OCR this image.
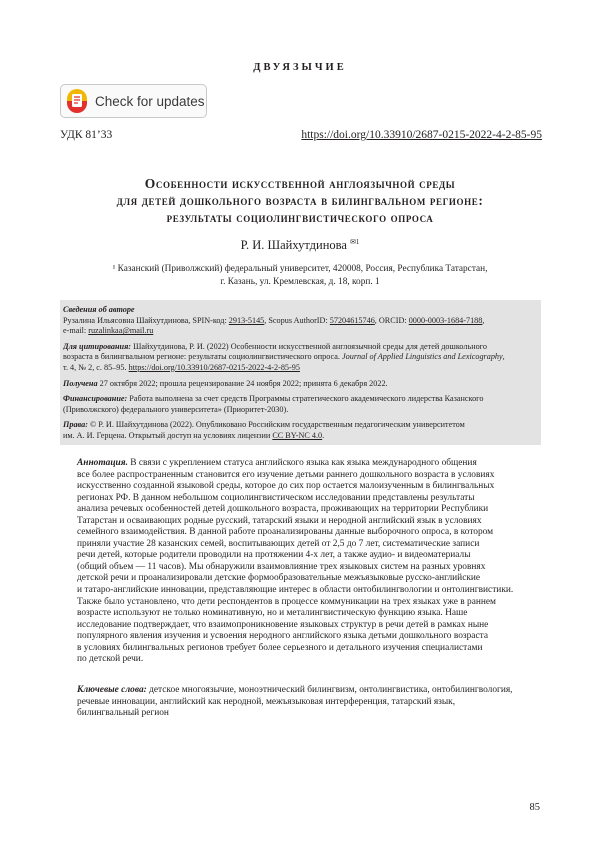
ДВУЯЗЫЧИЕ
Check for updates
УДК 81’33	https://doi.org/10.33910/2687-0215-2022-4-2-85-95
Особенности искусственной англоязычной среды
для детей дошкольного возраста в билингвальном регионе:
результаты социолингвистического опроса
Р. И. Шайхутдинова $^{✉1}$
¹ Казанский (Приволжский) федеральный университет, 420008, Россия, Республика Татарстан,
г. Казань, ул. Кремлевская, д. 18, корп. 1
Сведения об авторе
Рузалина Ильясовна Шайхутдинова, SPIN-код: 2913-5145, Scopus AuthorID: 57204615746, ORCID: 0000-0003-1684-7188,
e-mail: ruzalinkaa@mail.ru
Для цитирования: Шайхутдинова, Р. И. (2022) Особенности искусственной англоязычной среды для детей дошкольного
возраста в билингвальном регионе: результаты социолингвистического опроса. Journal of Applied Linguistics and Lexicography,
т. 4, № 2, с. 85–95. https://doi.org/10.33910/2687-0215-2022-4-2-85-95
Получена 27 октября 2022; прошла рецензирование 24 ноября 2022; принята 6 декабря 2022.
Финансирование: Работа выполнена за счет средств Программы стратегического академического лидерства Казанского
(Приволжского) федерального университета» (Приоритет-2030).
Права: © Р. И. Шайхутдинова (2022). Опубликовано Российским государственным педагогическим университетом
им. А. И. Герцена. Открытый доступ на условиях лицензии CC BY-NC 4.0.
Аннотация. В связи с укреплением статуса английского языка как языка международного общения
все более распространенным становится его изучение детьми раннего дошкольного возраста в условиях
искусственно созданной языковой среды, которое до сих пор остается малоизученным в билингвальных
регионах РФ. В данном небольшом социолингвистическом исследовании представлены результаты
анализа речевых особенностей детей дошкольного возраста, проживающих на территории Республики
Татарстан и осваивающих родные русский, татарский языки и неродной английский язык в условиях
семейного взаимодействия. В данной работе проанализированы данные выборочного опроса, в котором
приняли участие 28 казанских семей, воспитывающих детей от 2,5 до 7 лет, систематические записи
речи детей, которые родители проводили на протяжении 4-х лет, а также аудио- и видеоматериалы
(общий объем — 11 часов). Мы обнаружили взаимовлияние трех языковых систем на разных уровнях
детской речи и проанализировали детские формообразовательные межъязыковые русско-английские
и татаро-английские инновации, представляющие интерес в области онтобилингвологии и онтолингвистики.
Также было установлено, что дети респондентов в процессе коммуникации на трех языках уже в раннем
возрасте используют не только номинативную, но и металингвистическую функцию языка. Наше
исследование подтверждает, что взаимопроникновение языковых структур в речи детей в рамках ныне
популярного явления изучения и усвоения неродного английского языка детьми дошкольного возраста
в условиях билингвальных регионов требует более серьезного и детального изучения специалистами
по детской речи.
Ключевые слова: детское многоязычие, моноэтнический билингвизм, онтолингвистика, онтобилингвология,
речевые инновации, английский как неродной, межъязыковая интерференция, татарский язык,
билингвальный регион
85
